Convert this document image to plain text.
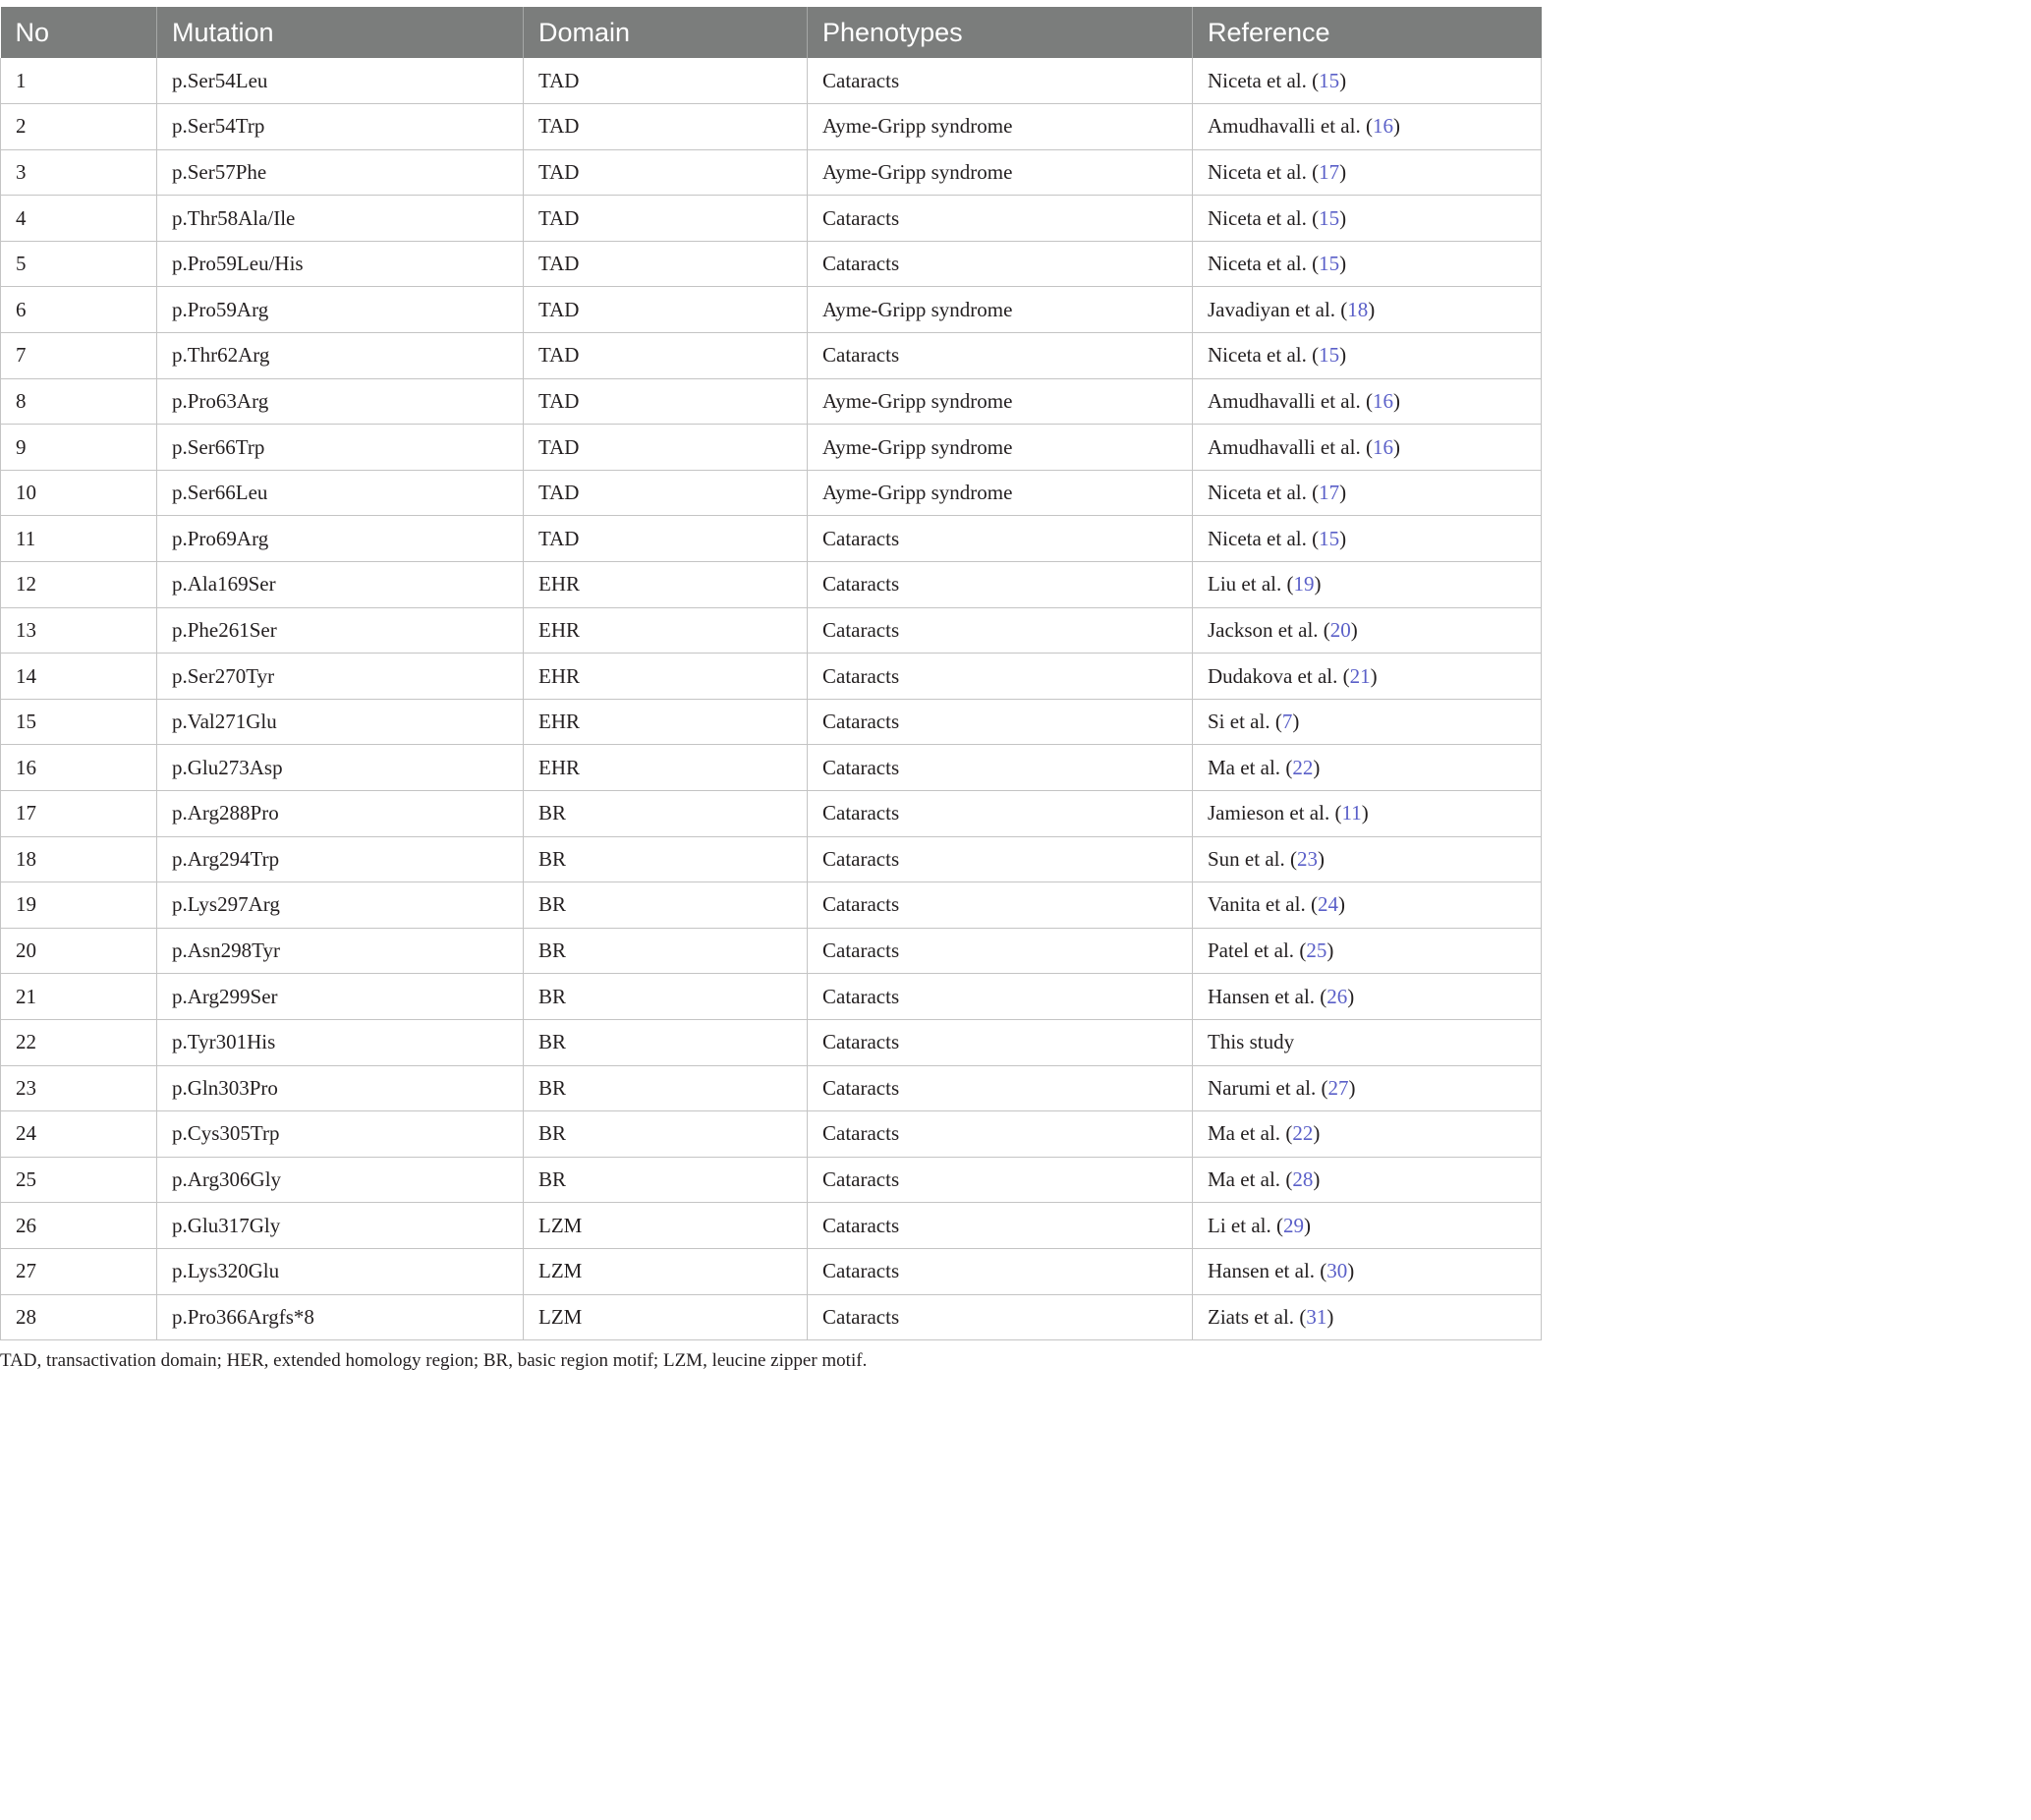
No	Mutation	Domain	Phenotypes	Reference
1	p.Ser54Leu	TAD	Cataracts	Niceta et al. (15)
2	p.Ser54Trp	TAD	Ayme-Gripp syndrome	Amudhavalli et al. (16)
3	p.Ser57Phe	TAD	Ayme-Gripp syndrome	Niceta et al. (17)
4	p.Thr58Ala/Ile	TAD	Cataracts	Niceta et al. (15)
5	p.Pro59Leu/His	TAD	Cataracts	Niceta et al. (15)
6	p.Pro59Arg	TAD	Ayme-Gripp syndrome	Javadiyan et al. (18)
7	p.Thr62Arg	TAD	Cataracts	Niceta et al. (15)
8	p.Pro63Arg	TAD	Ayme-Gripp syndrome	Amudhavalli et al. (16)
9	p.Ser66Trp	TAD	Ayme-Gripp syndrome	Amudhavalli et al. (16)
10	p.Ser66Leu	TAD	Ayme-Gripp syndrome	Niceta et al. (17)
11	p.Pro69Arg	TAD	Cataracts	Niceta et al. (15)
12	p.Ala169Ser	EHR	Cataracts	Liu et al. (19)
13	p.Phe261Ser	EHR	Cataracts	Jackson et al. (20)
14	p.Ser270Tyr	EHR	Cataracts	Dudakova et al. (21)
15	p.Val271Glu	EHR	Cataracts	Si et al. (7)
16	p.Glu273Asp	EHR	Cataracts	Ma et al. (22)
17	p.Arg288Pro	BR	Cataracts	Jamieson et al. (11)
18	p.Arg294Trp	BR	Cataracts	Sun et al. (23)
19	p.Lys297Arg	BR	Cataracts	Vanita et al. (24)
20	p.Asn298Tyr	BR	Cataracts	Patel et al. (25)
21	p.Arg299Ser	BR	Cataracts	Hansen et al. (26)
22	p.Tyr301His	BR	Cataracts	This study
23	p.Gln303Pro	BR	Cataracts	Narumi et al. (27)
24	p.Cys305Trp	BR	Cataracts	Ma et al. (22)
25	p.Arg306Gly	BR	Cataracts	Ma et al. (28)
26	p.Glu317Gly	LZM	Cataracts	Li et al. (29)
27	p.Lys320Glu	LZM	Cataracts	Hansen et al. (30)
28	p.Pro366Argfs*8	LZM	Cataracts	Ziats et al. (31)
TAD, transactivation domain; HER, extended homology region; BR, basic region motif; LZM, leucine zipper motif.
